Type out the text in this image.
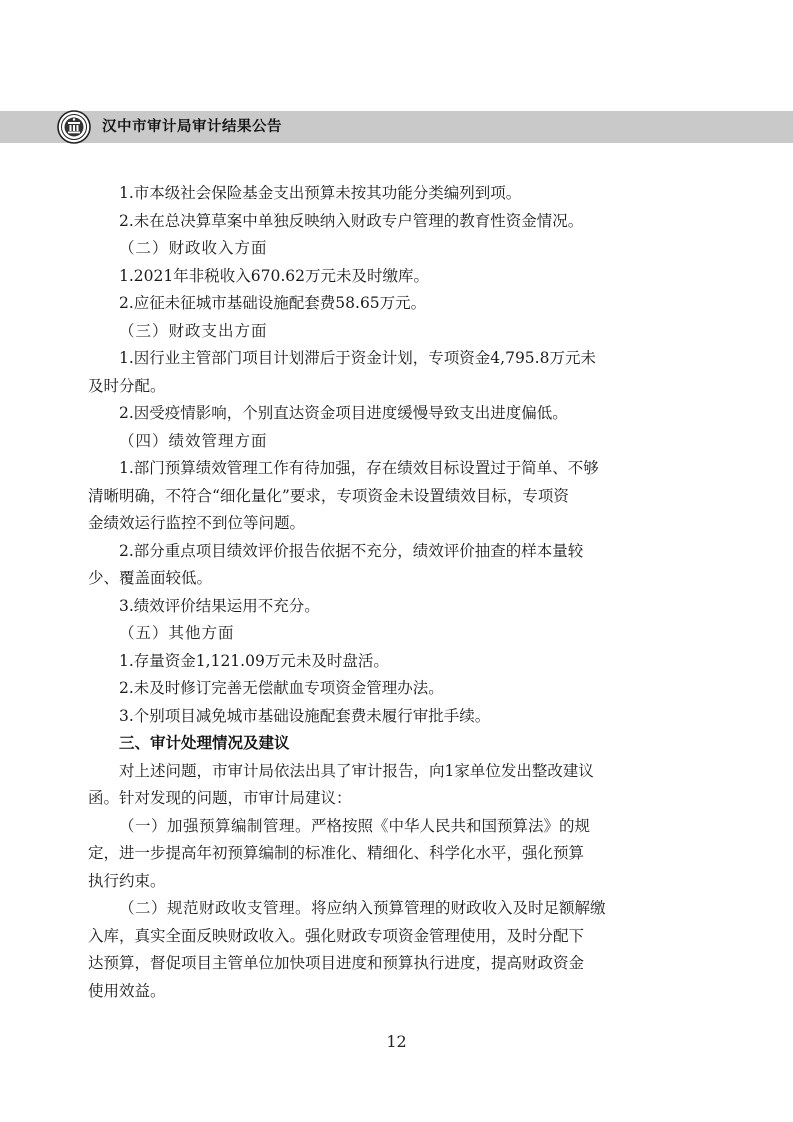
汉中市审计局审计结果公告

1.市本级社会保险基金支出预算未按其功能分类编列到项。

2.未在总决算草案中单独反映纳入财政专户管理的教育性资金情况。

（二）财政收入方面

1.2021年非税收入670.62万元未及时缴库。

2.应征未征城市基础设施配套费58.65万元。

（三）财政支出方面

1.因行业主管部门项目计划滞后于资金计划，专项资金4,795.8万元未

及时分配。

2.因受疫情影响，个别直达资金项目进度缓慢导致支出进度偏低。

（四）绩效管理方面

1.部门预算绩效管理工作有待加强，存在绩效目标设置过于简单、不够

清晰明确，不符合“细化量化”要求，专项资金未设置绩效目标，专项资

金绩效运行监控不到位等问题。

2.部分重点项目绩效评价报告依据不充分，绩效评价抽查的样本量较

少、覆盖面较低。

3.绩效评价结果运用不充分。

（五）其他方面

1.存量资金1,121.09万元未及时盘活。

2.未及时修订完善无偿献血专项资金管理办法。

3.个别项目减免城市基础设施配套费未履行审批手续。

三、审计处理情况及建议

对上述问题，市审计局依法出具了审计报告，向1家单位发出整改建议

函。针对发现的问题，市审计局建议：

（一）加强预算编制管理。严格按照《中华人民共和国预算法》的规

定，进一步提高年初预算编制的标准化、精细化、科学化水平，强化预算

执行约束。

（二）规范财政收支管理。将应纳入预算管理的财政收入及时足额解缴

入库，真实全面反映财政收入。强化财政专项资金管理使用，及时分配下

达预算，督促项目主管单位加快项目进度和预算执行进度，提高财政资金

使用效益。

12
